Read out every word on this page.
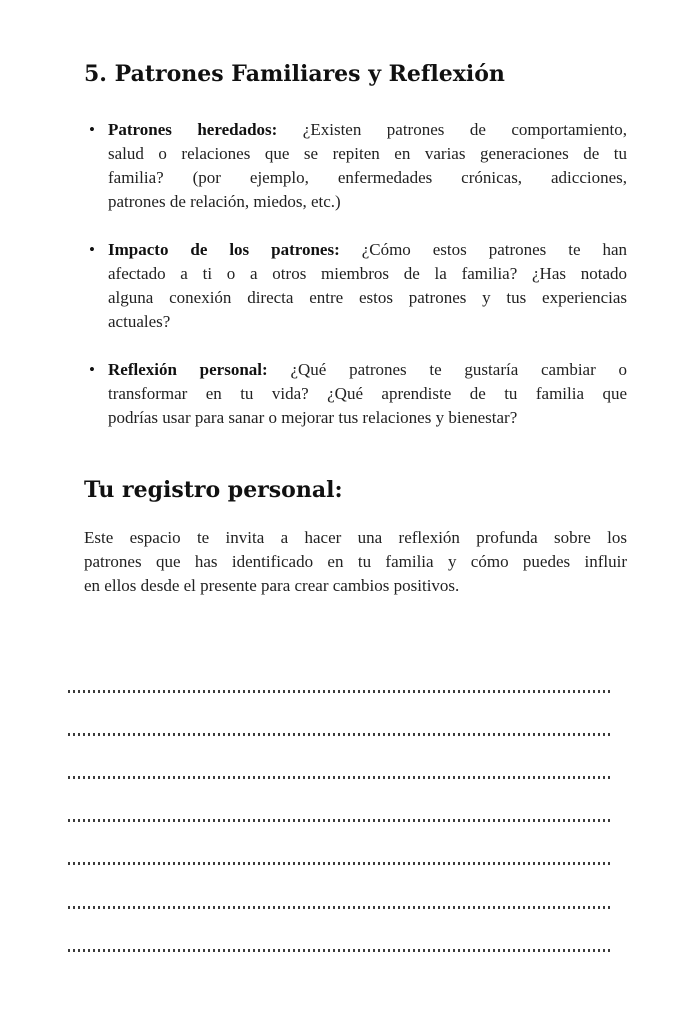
5. Patrones Familiares y Reflexión
• Patrones heredados: ¿Existen patrones de comportamiento,
salud o relaciones que se repiten en varias generaciones de tu
familia? (por ejemplo, enfermedades crónicas, adicciones,
patrones de relación, miedos, etc.)
• Impacto de los patrones: ¿Cómo estos patrones te han
afectado a ti o a otros miembros de la familia? ¿Has notado
alguna conexión directa entre estos patrones y tus experiencias
actuales?
• Reflexión personal: ¿Qué patrones te gustaría cambiar o
transformar en tu vida? ¿Qué aprendiste de tu familia que
podrías usar para sanar o mejorar tus relaciones y bienestar?
Tu registro personal:
Este espacio te invita a hacer una reflexión profunda sobre los
patrones que has identificado en tu familia y cómo puedes influir
en ellos desde el presente para crear cambios positivos.
